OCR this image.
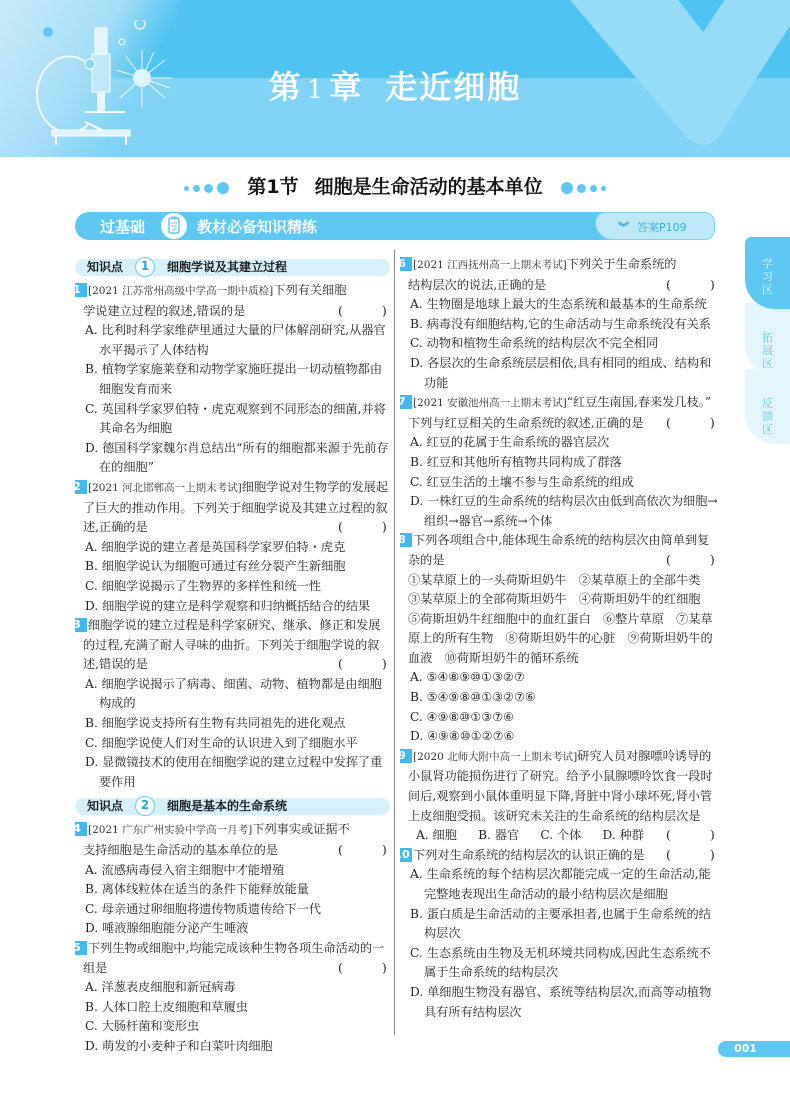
第 1 章 走近细胞
第1节 细胞是生命活动的基本单位
过基础	教材必备知识精练	︾ 答案P109
反
馈
区
拓
展
区
学
习
区
知识点	1	细胞学说及其建立过程
1 [2021 江苏常州高级中学高一期中质检]下列有关细胞
学说建立过程的叙述,错误的是	(	)
A. 比利时科学家维萨里通过大量的尸体解剖研究,从器官水平揭示了人体结构
B. 植物学家施莱登和动物学家施旺提出一切动植物都由细胞发育而来
C. 英国科学家罗伯特・虎克观察到不同形态的细菌,并将其命名为细胞
D. 德国科学家魏尔肖总结出“所有的细胞都来源于先前存在的细胞”
2 [2021 河北邯郸高一上期末考试]细胞学说对生物学的发展起了巨大的推动作用。下列关于细胞学说及其建立过程的叙述,正确的是	(	)
A. 细胞学说的建立者是英国科学家罗伯特・虎克
B. 细胞学说认为细胞可通过有丝分裂产生新细胞
C. 细胞学说揭示了生物界的多样性和统一性
D. 细胞学说的建立是科学观察和归纳概括结合的结果
3 细胞学说的建立过程是科学家研究、继承、修正和发展的过程,充满了耐人寻味的曲折。下列关于细胞学说的叙述,错误的是	(	)
A. 细胞学说揭示了病毒、细菌、动物、植物都是由细胞构成的
B. 细胞学说支持所有生物有共同祖先的进化观点
C. 细胞学说使人们对生命的认识进入到了细胞水平
D. 显微镜技术的使用在细胞学说的建立过程中发挥了重要作用
知识点	2	细胞是基本的生命系统
4 [2021 广东广州实验中学高一月考]下列事实或证据不
支持细胞是生命活动的基本单位的是	(	)
A. 流感病毒侵入宿主细胞中才能增殖
B. 离体线粒体在适当的条件下能释放能量
C. 母亲通过卵细胞将遗传物质遗传给下一代
D. 唾液腺细胞能分泌产生唾液
5 下列生物或细胞中,均能完成该种生物各项生命活动的一组是	(	)
A. 洋葱表皮细胞和新冠病毒
B. 人体口腔上皮细胞和草履虫
C. 大肠杆菌和变形虫
D. 萌发的小麦种子和白菜叶肉细胞
6 [2021 江西抚州高一上期末考试]下列关于生命系统的
结构层次的说法,正确的是	(	)
A. 生物圈是地球上最大的生态系统和最基本的生命系统
B. 病毒没有细胞结构,它的生命活动与生命系统没有关系
C. 动物和植物生命系统的结构层次不完全相同
D. 各层次的生命系统层层相依,具有相同的组成、结构和功能
7 [2021 安徽池州高一上期末考试]“红豆生南国,春来发几枝。”
下列与红豆相关的生命系统的叙述,正确的是 (	)
A. 红豆的花属于生命系统的器官层次
B. 红豆和其他所有植物共同构成了群落
C. 红豆生活的土壤不参与生命系统的组成
D. 一株红豆的生命系统的结构层次由低到高依次为细胞→组织→器官→系统→个体
8 下列各项组合中,能体现生命系统的结构层次由简单到复杂的是	(	)
①某草原上的一头荷斯坦奶牛　②某草原上的全部牛类　③某草原上的全部荷斯坦奶牛　④荷斯坦奶牛的红细胞　⑤荷斯坦奶牛红细胞中的血红蛋白　⑥整片草原　⑦某草原上的所有生物　⑧荷斯坦奶牛的心脏　⑨荷斯坦奶牛的血液　⑩荷斯坦奶牛的循环系统
A. ⑤④⑧⑨⑩①③②⑦
B. ⑤④⑨⑧⑩①③②⑦⑥
C. ④⑨⑧⑩①③⑦⑥
D. ④⑨⑧⑩①②⑦⑥
9 [2020 北师大附中高一上期末考试]研究人员对腺嘌呤诱导的小鼠肾功能损伤进行了研究。给予小鼠腺嘌呤饮食一段时间后,观察到小鼠体重明显下降,肾脏中肾小球坏死,肾小管上皮细胞受损。该研究未关注的生命系统的结构层次是
(	)
A. 细胞 B. 器官 C. 个体 D. 种群
10 下列对生命系统的结构层次的认识正确的是 (	)
A. 生命系统的每个结构层次都能完成一定的生命活动,能完整地表现出生命活动的最小结构层次是细胞
B. 蛋白质是生命活动的主要承担者,也属于生命系统的结构层次
C. 生态系统由生物及无机环境共同构成,因此生态系统不属于生命系统的结构层次
D. 单细胞生物没有器官、系统等结构层次,而高等动植物具有所有结构层次
001
